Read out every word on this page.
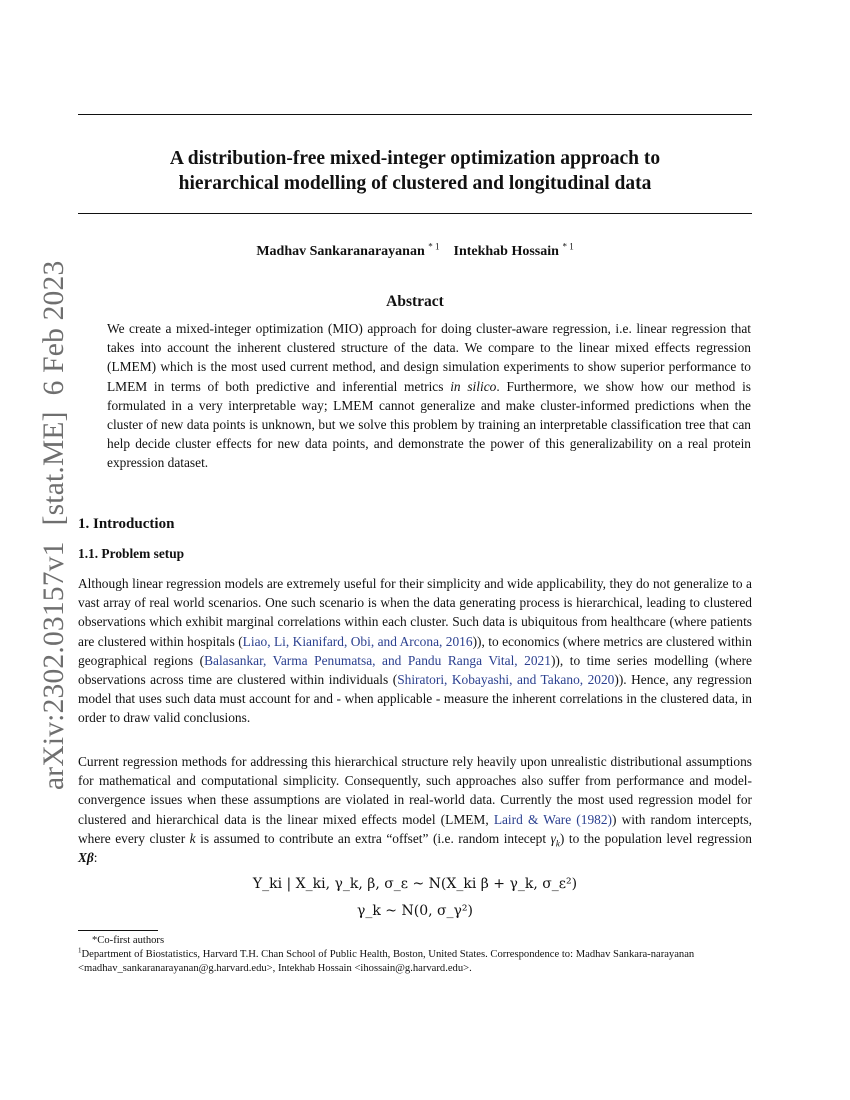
arXiv:2302.03157v1[stat.ME]6 Feb 2023
A distribution-free mixed-integer optimization approach to
hierarchical modelling of clustered and longitudinal data
Madhav Sankaranarayanan $^{* 1}$ Intekhab Hossain $^{* 1}$
Abstract
We create a mixed-integer optimization (MIO) approach for doing cluster-aware regression, i.e. linear regression that takes into account the inherent clustered structure of the data. We compare to the linear mixed effects regression (LMEM) which is the most used current method, and design simulation experiments to show superior performance to LMEM in terms of both predictive and inferential metrics in silico. Furthermore, we show how our method is formulated in a very interpretable way; LMEM cannot generalize and make cluster-informed predictions when the cluster of new data points is unknown, but we solve this problem by training an interpretable classification tree that can help decide cluster effects for new data points, and demonstrate the power of this generalizability on a real protein expression dataset.
1. Introduction
1.1. Problem setup
Although linear regression models are extremely useful for their simplicity and wide applicability, they do not generalize to a vast array of real world scenarios. One such scenario is when the data generating process is hierarchical, leading to clustered observations which exhibit marginal correlations within each cluster. Such data is ubiquitous from healthcare (where patients are clustered within hospitals (Liao, Li, Kianifard, Obi, and Arcona, 2016)), to economics (where metrics are clustered within geographical regions (Balasankar, Varma Penumatsa, and Pandu Ranga Vital, 2021)), to time series modelling (where observations across time are clustered within individuals (Shiratori, Kobayashi, and Takano, 2020)). Hence, any regression model that uses such data must account for and - when applicable - measure the inherent correlations in the clustered data, in order to draw valid conclusions.
Current regression methods for addressing this hierarchical structure rely heavily upon unrealistic distributional assumptions for mathematical and computational simplicity. Consequently, such approaches also suffer from performance and model-convergence issues when these assumptions are violated in real-world data. Currently the most used regression model for clustered and hierarchical data is the linear mixed effects model (LMEM, Laird & Ware (1982)) with random intercepts, where every cluster k is assumed to contribute an extra “offset” (i.e. random intecept $\gamma_k$) to the population level regression Xβ:
Y_ki | X_ki, γ_k, β, σ_ε ~ N(X_ki β + γ_k, σ_ε²)
γ_k ~ N(0, σ_γ²)
*Co-first authors
$^1$Department of Biostatistics, Harvard T.H. Chan School of Public Health, Boston, United States. Correspondence to: Madhav Sankara-narayanan <madhav_sankaranarayanan@g.harvard.edu>, Intekhab Hossain <ihossain@g.harvard.edu>.
